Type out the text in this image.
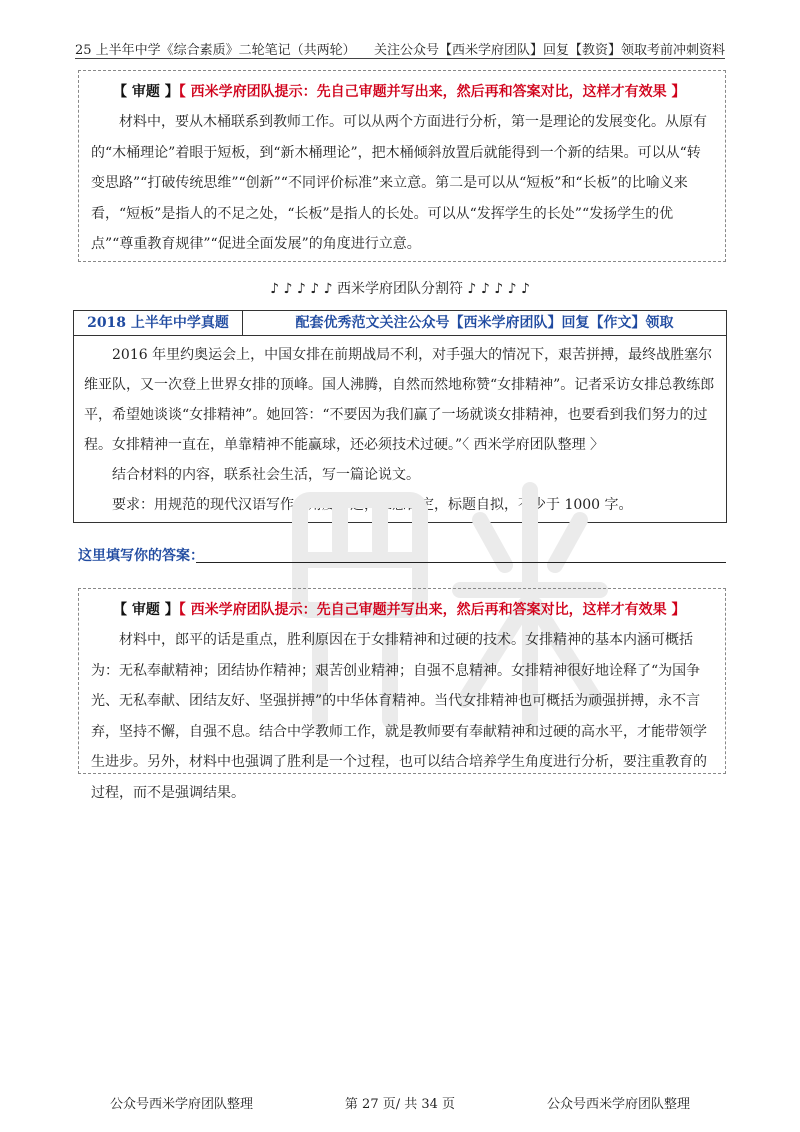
25 上半年中学《综合素质》二轮笔记（共两轮） 关注公众号【西米学府团队】回复【教资】领取考前冲刺资料
【 审题 】【 西米学府团队提示：先自己审题并写出来，然后再和答案对比，这样才有效果 】
材料中，要从木桶联系到教师工作。可以从两个方面进行分析，第一是理论的发展变化。从原有的“木桶理论”着眼于短板，到“新木桶理论”，把木桶倾斜放置后就能得到一个新的结果。可以从“转变思路”“打破传统思维”“创新”“不同评价标准”来立意。第二是可以从“短板”和“长板”的比喻义来看，“短板”是指人的不足之处，“长板”是指人的长处。可以从“发挥学生的长处”“发扬学生的优点”“尊重教育规律”“促进全面发展”的角度进行立意。
♪ ♪ ♪ ♪ ♪ 西米学府团队分割符 ♪ ♪ ♪ ♪ ♪
2018 上半年中学真题	配套优秀范文关注公众号【西米学府团队】回复【作文】领取

2016 年里约奥运会上，中国女排在前期战局不利，对手强大的情况下，艰苦拼搏，最终战胜塞尔维亚队，又一次登上世界女排的顶峰。国人沸腾，自然而然地称赞“女排精神”。记者采访女排总教练郎平，希望她谈谈“女排精神”。她回答：“不要因为我们赢了一场就谈女排精神，也要看到我们努力的过程。女排精神一直在，单靠精神不能赢球，还必须技术过硬。”〈 西米学府团队整理 〉

结合材料的内容，联系社会生活，写一篇论说文。

要求：用规范的现代汉语写作。角度自选，立意自定，标题自拟，不少于 1000 字。

这里填写你的答案：
【 审题 】【 西米学府团队提示：先自己审题并写出来，然后再和答案对比，这样才有效果 】
材料中，郎平的话是重点，胜利原因在于女排精神和过硬的技术。女排精神的基本内涵可概括为：无私奉献精神；团结协作精神；艰苦创业精神；自强不息精神。女排精神很好地诠释了“为国争光、无私奉献、团结友好、坚强拼搏”的中华体育精神。当代女排精神也可概括为顽强拼搏，永不言弃，坚持不懈，自强不息。结合中学教师工作，就是教师要有奉献精神和过硬的高水平，才能带领学生进步。另外，材料中也强调了胜利是一个过程，也可以结合培养学生角度进行分析，要注重教育的过程，而不是强调结果。
公众号西米学府团队整理	第 27 页/ 共 34 页	公众号西米学府团队整理
